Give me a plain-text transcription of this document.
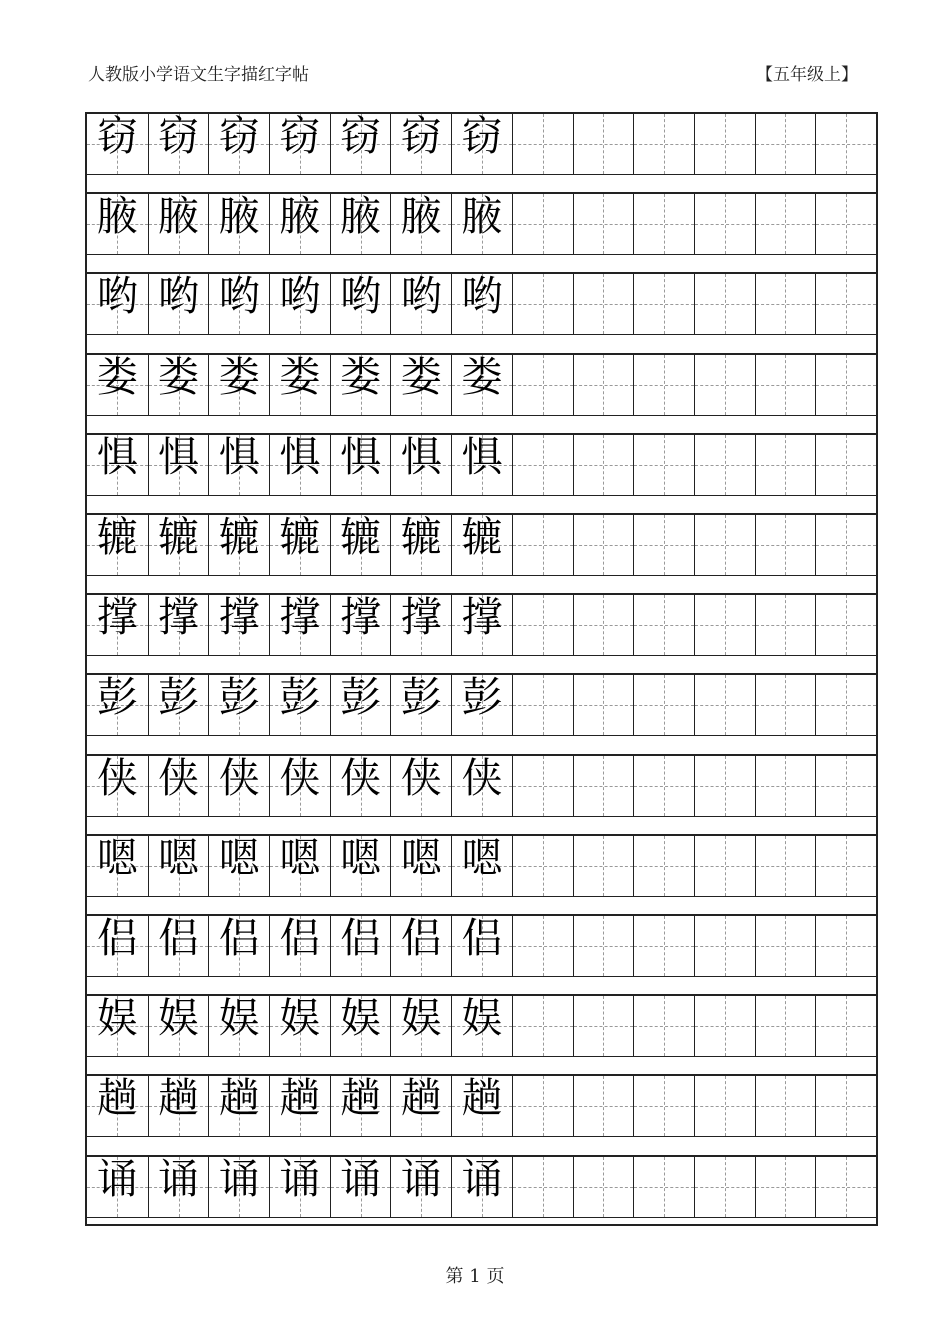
人教版小学语文生字描红字帖	【五年级上】
窃 窃 窃 窃 窃 窃 窃
腋 腋 腋 腋 腋 腋 腋
哟 哟 哟 哟 哟 哟 哟
娄 娄 娄 娄 娄 娄 娄
惧 惧 惧 惧 惧 惧 惧
辘 辘 辘 辘 辘 辘 辘
撑 撑 撑 撑 撑 撑 撑
彭 彭 彭 彭 彭 彭 彭
侠 侠 侠 侠 侠 侠 侠
嗯 嗯 嗯 嗯 嗯 嗯 嗯
侣 侣 侣 侣 侣 侣 侣
娱 娱 娱 娱 娱 娱 娱
趟 趟 趟 趟 趟 趟 趟
诵 诵 诵 诵 诵 诵 诵
第 1 页
